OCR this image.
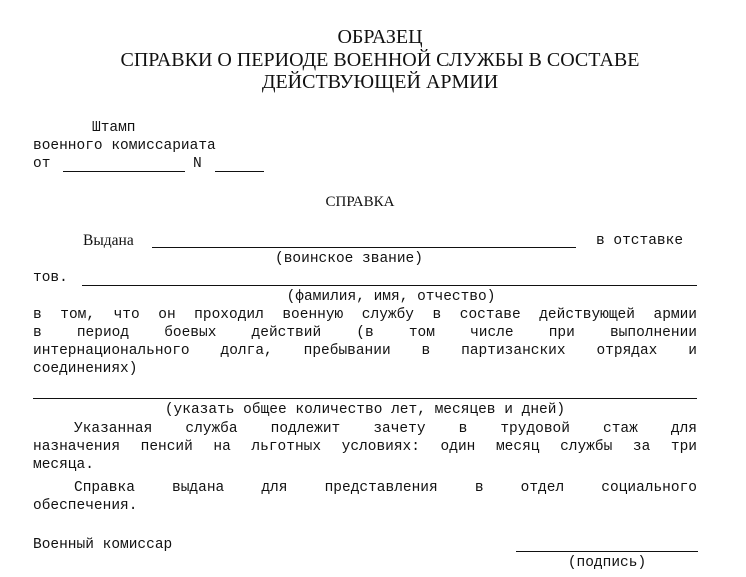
ОБРАЗЕЦ
СПРАВКИ О ПЕРИОДЕ ВОЕННОЙ СЛУЖБЫ В СОСТАВЕ
ДЕЙСТВУЮЩЕЙ АРМИИ
Штамп
военного комиссариата
от	N
СПРАВКА
Выдана	в отставке
(воинское звание)
тов.
(фамилия, имя, отчество)
в том, что он проходил военную службу в составе действующей армии
в период боевых действий (в том числе при выполнении
интернационального долга, пребывании в партизанских отрядах и
соединениях)
(указать общее количество лет, месяцев и дней)
Указанная служба подлежит зачету в трудовой стаж для
назначения пенсий на льготных условиях: один месяц службы за три
месяца.
Справка выдана для представления в отдел социального
обеспечения.
Военный комиссар
(подпись)
